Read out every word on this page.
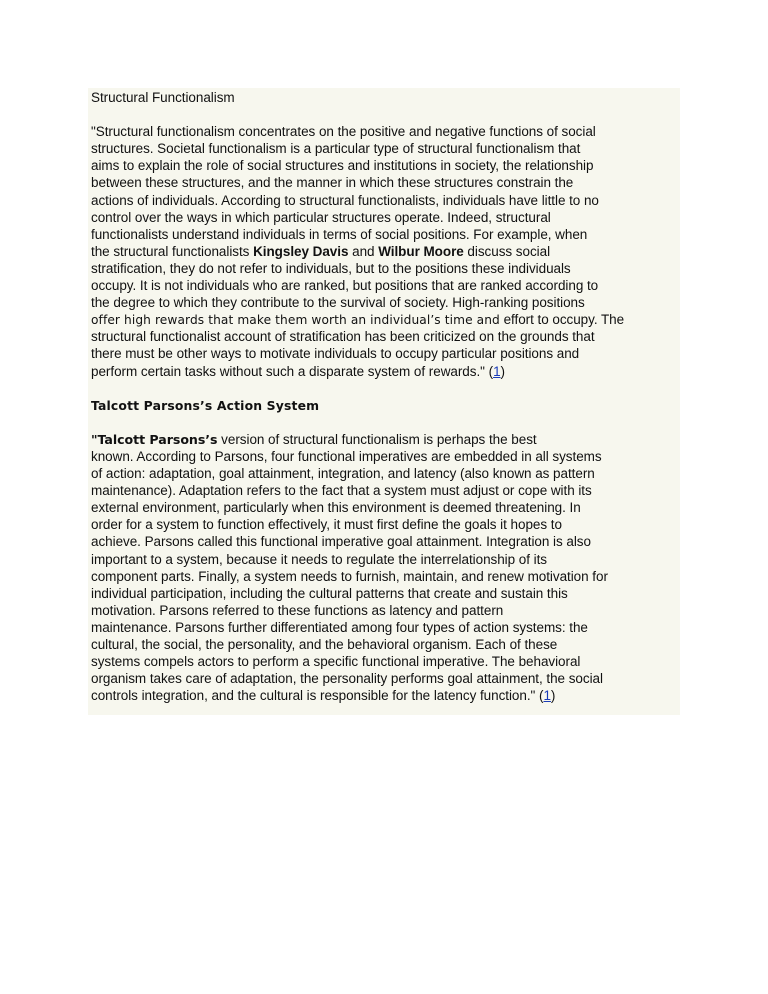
Structural Functionalism
"Structural functionalism concentrates on the positive and negative functions of social
structures. Societal functionalism is a particular type of structural functionalism that
aims to explain the role of social structures and institutions in society, the relationship
between these structures, and the manner in which these structures constrain the
actions of individuals. According to structural functionalists, individuals have little to no
control over the ways in which particular structures operate. Indeed, structural
functionalists understand individuals in terms of social positions. For example, when
the structural functionalists Kingsley Davis and Wilbur Moore discuss social
stratification, they do not refer to individuals, but to the positions these individuals
occupy. It is not individuals who are ranked, but positions that are ranked according to
the degree to which they contribute to the survival of society. High-ranking positions
offer high rewards that make them worth an individual’s time and effort to occupy. The
structural functionalist account of stratification has been criticized on the grounds that
there must be other ways to motivate individuals to occupy particular positions and
perform certain tasks without such a disparate system of rewards." (1)
Talcott Parsons’s Action System
"Talcott Parsons’s version of structural functionalism is perhaps the best
known. According to Parsons, four functional imperatives are embedded in all systems
of action: adaptation, goal attainment, integration, and latency (also known as pattern
maintenance). Adaptation refers to the fact that a system must adjust or cope with its
external environment, particularly when this environment is deemed threatening. In
order for a system to function effectively, it must first define the goals it hopes to
achieve. Parsons called this functional imperative goal attainment. Integration is also
important to a system, because it needs to regulate the interrelationship of its
component parts. Finally, a system needs to furnish, maintain, and renew motivation for
individual participation, including the cultural patterns that create and sustain this
motivation. Parsons referred to these functions as latency and pattern
maintenance. Parsons further differentiated among four types of action systems: the
cultural, the social, the personality, and the behavioral organism. Each of these
systems compels actors to perform a specific functional imperative. The behavioral
organism takes care of adaptation, the personality performs goal attainment, the social
controls integration, and the cultural is responsible for the latency function." (1)
